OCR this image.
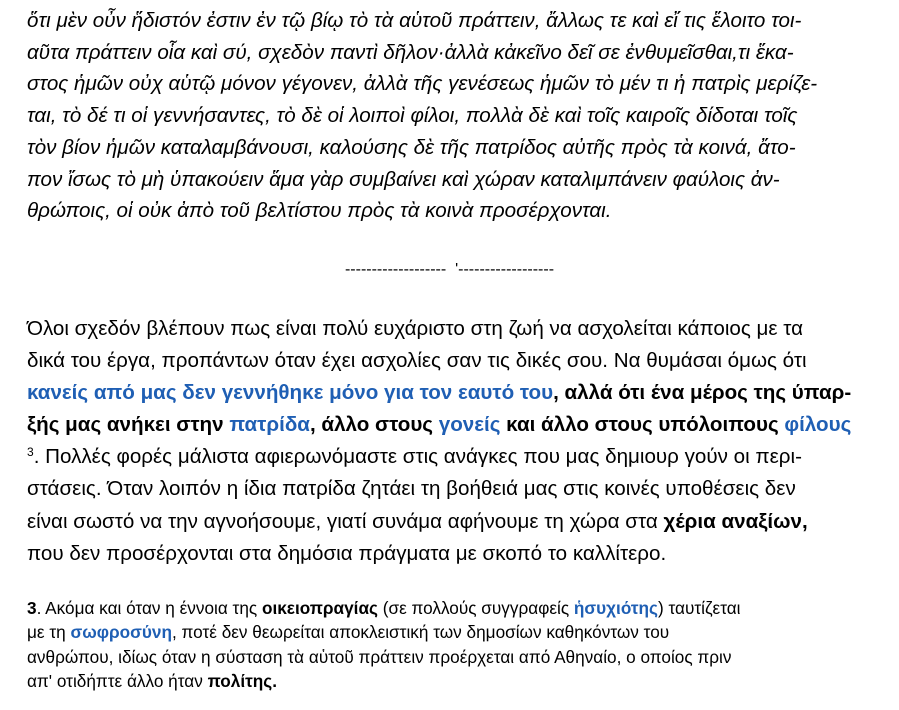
ὅτι μὲν οὖν ἥδιστόν ἐστιν ἐν τῷ βίῳ τὸ τὰ αὑτοῦ πράττειν, ἄλλως τε καὶ εἴ τις ἕλοιτο τοι-
αῦτα πράττειν οἷα καὶ σύ, σχεδὸν παντὶ δῆλον·ἀλλὰ κἀκεῖνο δεῖ σε ἐνθυμεῖσθαι,τι ἕκα-
στος ἡμῶν οὐχ αὑτῷ μόνον γέγονεν, ἀλλὰ τῆς γενέσεως ἡμῶν τὸ μέν τι ἡ πατρὶς μερίζε-
ται, τὸ δέ τι οἱ γεννήσαντες, τὸ δὲ οἱ λοιποὶ φίλοι, πολλὰ δὲ καὶ τοῖς καιροῖς δίδοται τοῖς
τὸν βίον ἡμῶν καταλαμβάνουσι, καλούσης δὲ τῆς πατρίδος αὐτῆς πρὸς τὰ κοινά, ἄτο-
πον ἴσως τὸ μὴ ὑπακούειν ἅμα γὰρ συμβαίνει καὶ χώραν καταλιμπάνειν φαύλοις ἀν-
θρώποις, οἱ οὐκ ἀπὸ τοῦ βελτίστου πρὸς τὰ κοινὰ προσέρχονται.
-------------------  '------------------
Όλοι σχεδόν βλέπουν πως είναι πολύ ευχάριστο στη ζωή να ασχολείται κάποιος με τα
δικά του έργα, προπάντων όταν έχει ασχολίες σαν τις δικές σου. Να θυμάσαι όμως ότι
κανείς από μας δεν γεννήθηκε μόνο για τον εαυτό του, αλλά ότι ένα μέρος της ύπαρ-
ξής μας ανήκει στην πατρίδα, άλλο στους γονείς και άλλο στους υπόλοιπους φίλους
$^3$. Πολλές φορές μάλιστα αφιερωνόμαστε στις ανάγκες που μας δημιουρ γούν οι περι-
στάσεις. Όταν λοιπόν η ίδια πατρίδα ζητάει τη βοήθειά μας στις κοινές υποθέσεις δεν
είναι σωστό να την αγνοήσουμε, γιατί συνάμα αφήνουμε τη χώρα στα χέρια αναξίων,
που δεν προσέρχονται στα δημόσια πράγματα με σκοπό το καλλίτερο.
3. Ακόμα και όταν η έννοια της οικειοπραγίας (σε πολλούς συγγραφείς ἡσυχιότης) ταυτίζεται
με τη σωφροσύνη, ποτέ δεν θεωρείται αποκλειστική των δημοσίων καθηκόντων του
ανθρώπου, ιδίως όταν η σύσταση τὰ αὑτοῦ πράττειν προέρχεται από Αθηναίο, ο οποίος πριν
απ' οτιδήπτε άλλο ήταν πολίτης.
